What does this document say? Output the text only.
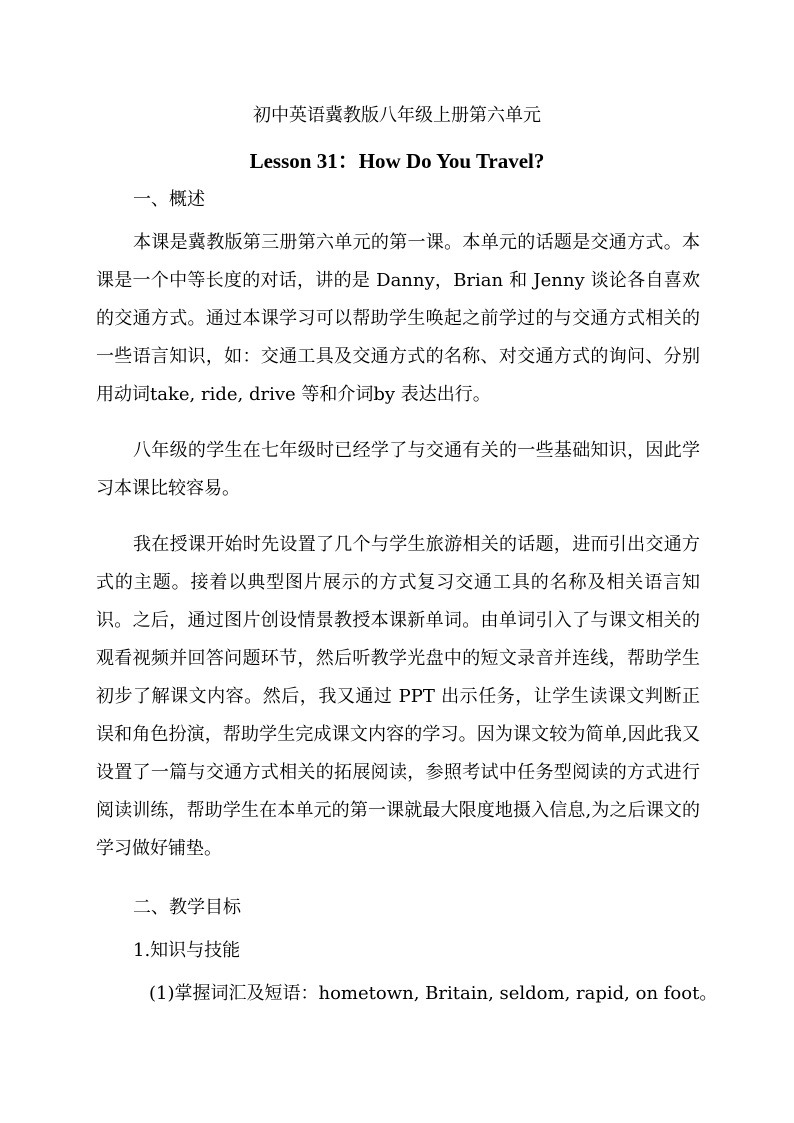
初中英语冀教版八年级上册第六单元
Lesson 31：How Do You Travel?
一、概述

本课是冀教版第三册第六单元的第一课。本单元的话题是交通方式。本课是一个中等长度的对话，讲的是 Danny，Brian 和 Jenny 谈论各自喜欢的交通方式。通过本课学习可以帮助学生唤起之前学过的与交通方式相关的一些语言知识，如：交通工具及交通方式的名称、对交通方式的询问、分别用动词take, ride, drive 等和介词by 表达出行。

八年级的学生在七年级时已经学了与交通有关的一些基础知识，因此学习本课比较容易。

我在授课开始时先设置了几个与学生旅游相关的话题，进而引出交通方式的主题。接着以典型图片展示的方式复习交通工具的名称及相关语言知识。之后，通过图片创设情景教授本课新单词。由单词引入了与课文相关的观看视频并回答问题环节，然后听教学光盘中的短文录音并连线，帮助学生初步了解课文内容。然后，我又通过 PPT 出示任务，让学生读课文判断正误和角色扮演，帮助学生完成课文内容的学习。因为课文较为简单,因此我又设置了一篇与交通方式相关的拓展阅读，参照考试中任务型阅读的方式进行阅读训练，帮助学生在本单元的第一课就最大限度地摄入信息,为之后课文的学习做好铺垫。

二、教学目标
1.知识与技能
(1)掌握词汇及短语：hometown, Britain, seldom, rapid, on foot。
